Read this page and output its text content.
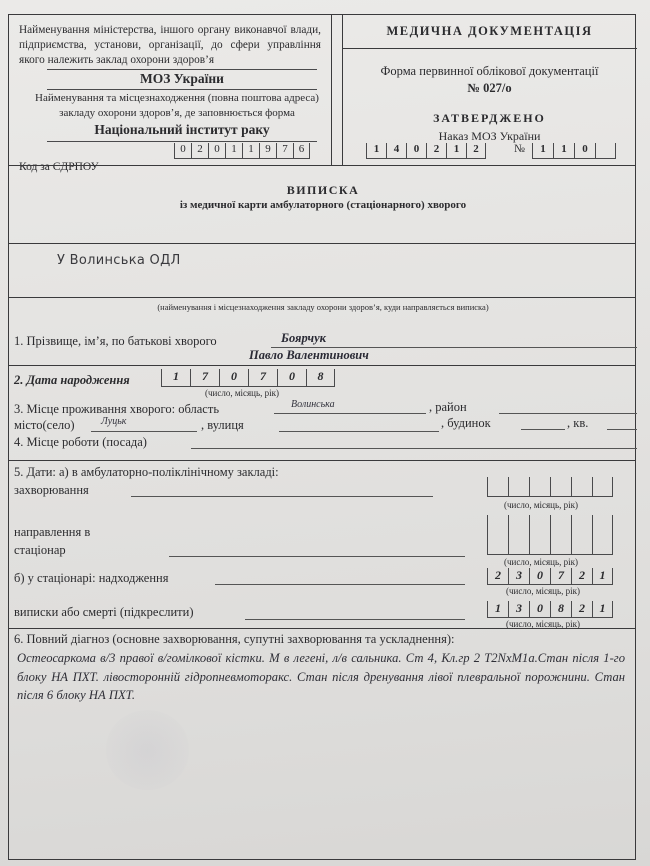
Найменування міністерства, іншого органу виконавчої влади, підприємства, установи, організації, до сфери управління якого належить заклад охорони здоров’я
МОЗ України
Найменування та місцезнаходження (повна поштова адреса) закладу охорони здоров’я, де заповнюється форма
Національний інститут раку
Код за ЄДРПОУ
0	2	0	1	1	9	7	6
МЕДИЧНА ДОКУМЕНТАЦІЯ
Форма первинної облікової документації
№ 027/о
ЗАТВЕРДЖЕНО
Наказ МОЗ України
1	4	0	2	1	2	№	1	1	0
ВИПИСКА
із медичної карти амбулаторного (стаціонарного) хворого
У Волинська ОДЛ
(найменування і місцезнаходження закладу охорони здоров’я, куди направляється виписка)
1. Прізвище, ім’я, по батькові хворого	Боярчук
Павло Валентинович
2. Дата народження	1	7	0	7	0	8
(число, місяць, рік)
3. Місце проживання хворого: область	Волинська	, район
місто(село)	Луцьк	, вулиця	, будинок	, кв.
4. Місце роботи (посада)
5. Дати: а) в амбулаторно-поліклінічному закладі:
захворювання
(число, місяць, рік)
направлення в
стаціонар
(число, місяць, рік)
б) у стаціонарі: надходження	2	3	0	7	2	1
(число, місяць, рік)
виписки або смерті (підкреслити)	1	3	0	8	2	1
(число, місяць, рік)
6. Повний діагноз (основне захворювання, супутні захворювання та ускладнення):
Остеосаркома в/3 правої в/гомілкової кістки. М в легені, л/в сальника. Ст 4, Кл.гр 2 T2NxM1a.Стан після 1-го блоку НА ПХТ. лівосторонній гідропневмоторакс. Стан після дренування лівої плевральної порожнини. Стан після 6 блоку НА ПХТ.
